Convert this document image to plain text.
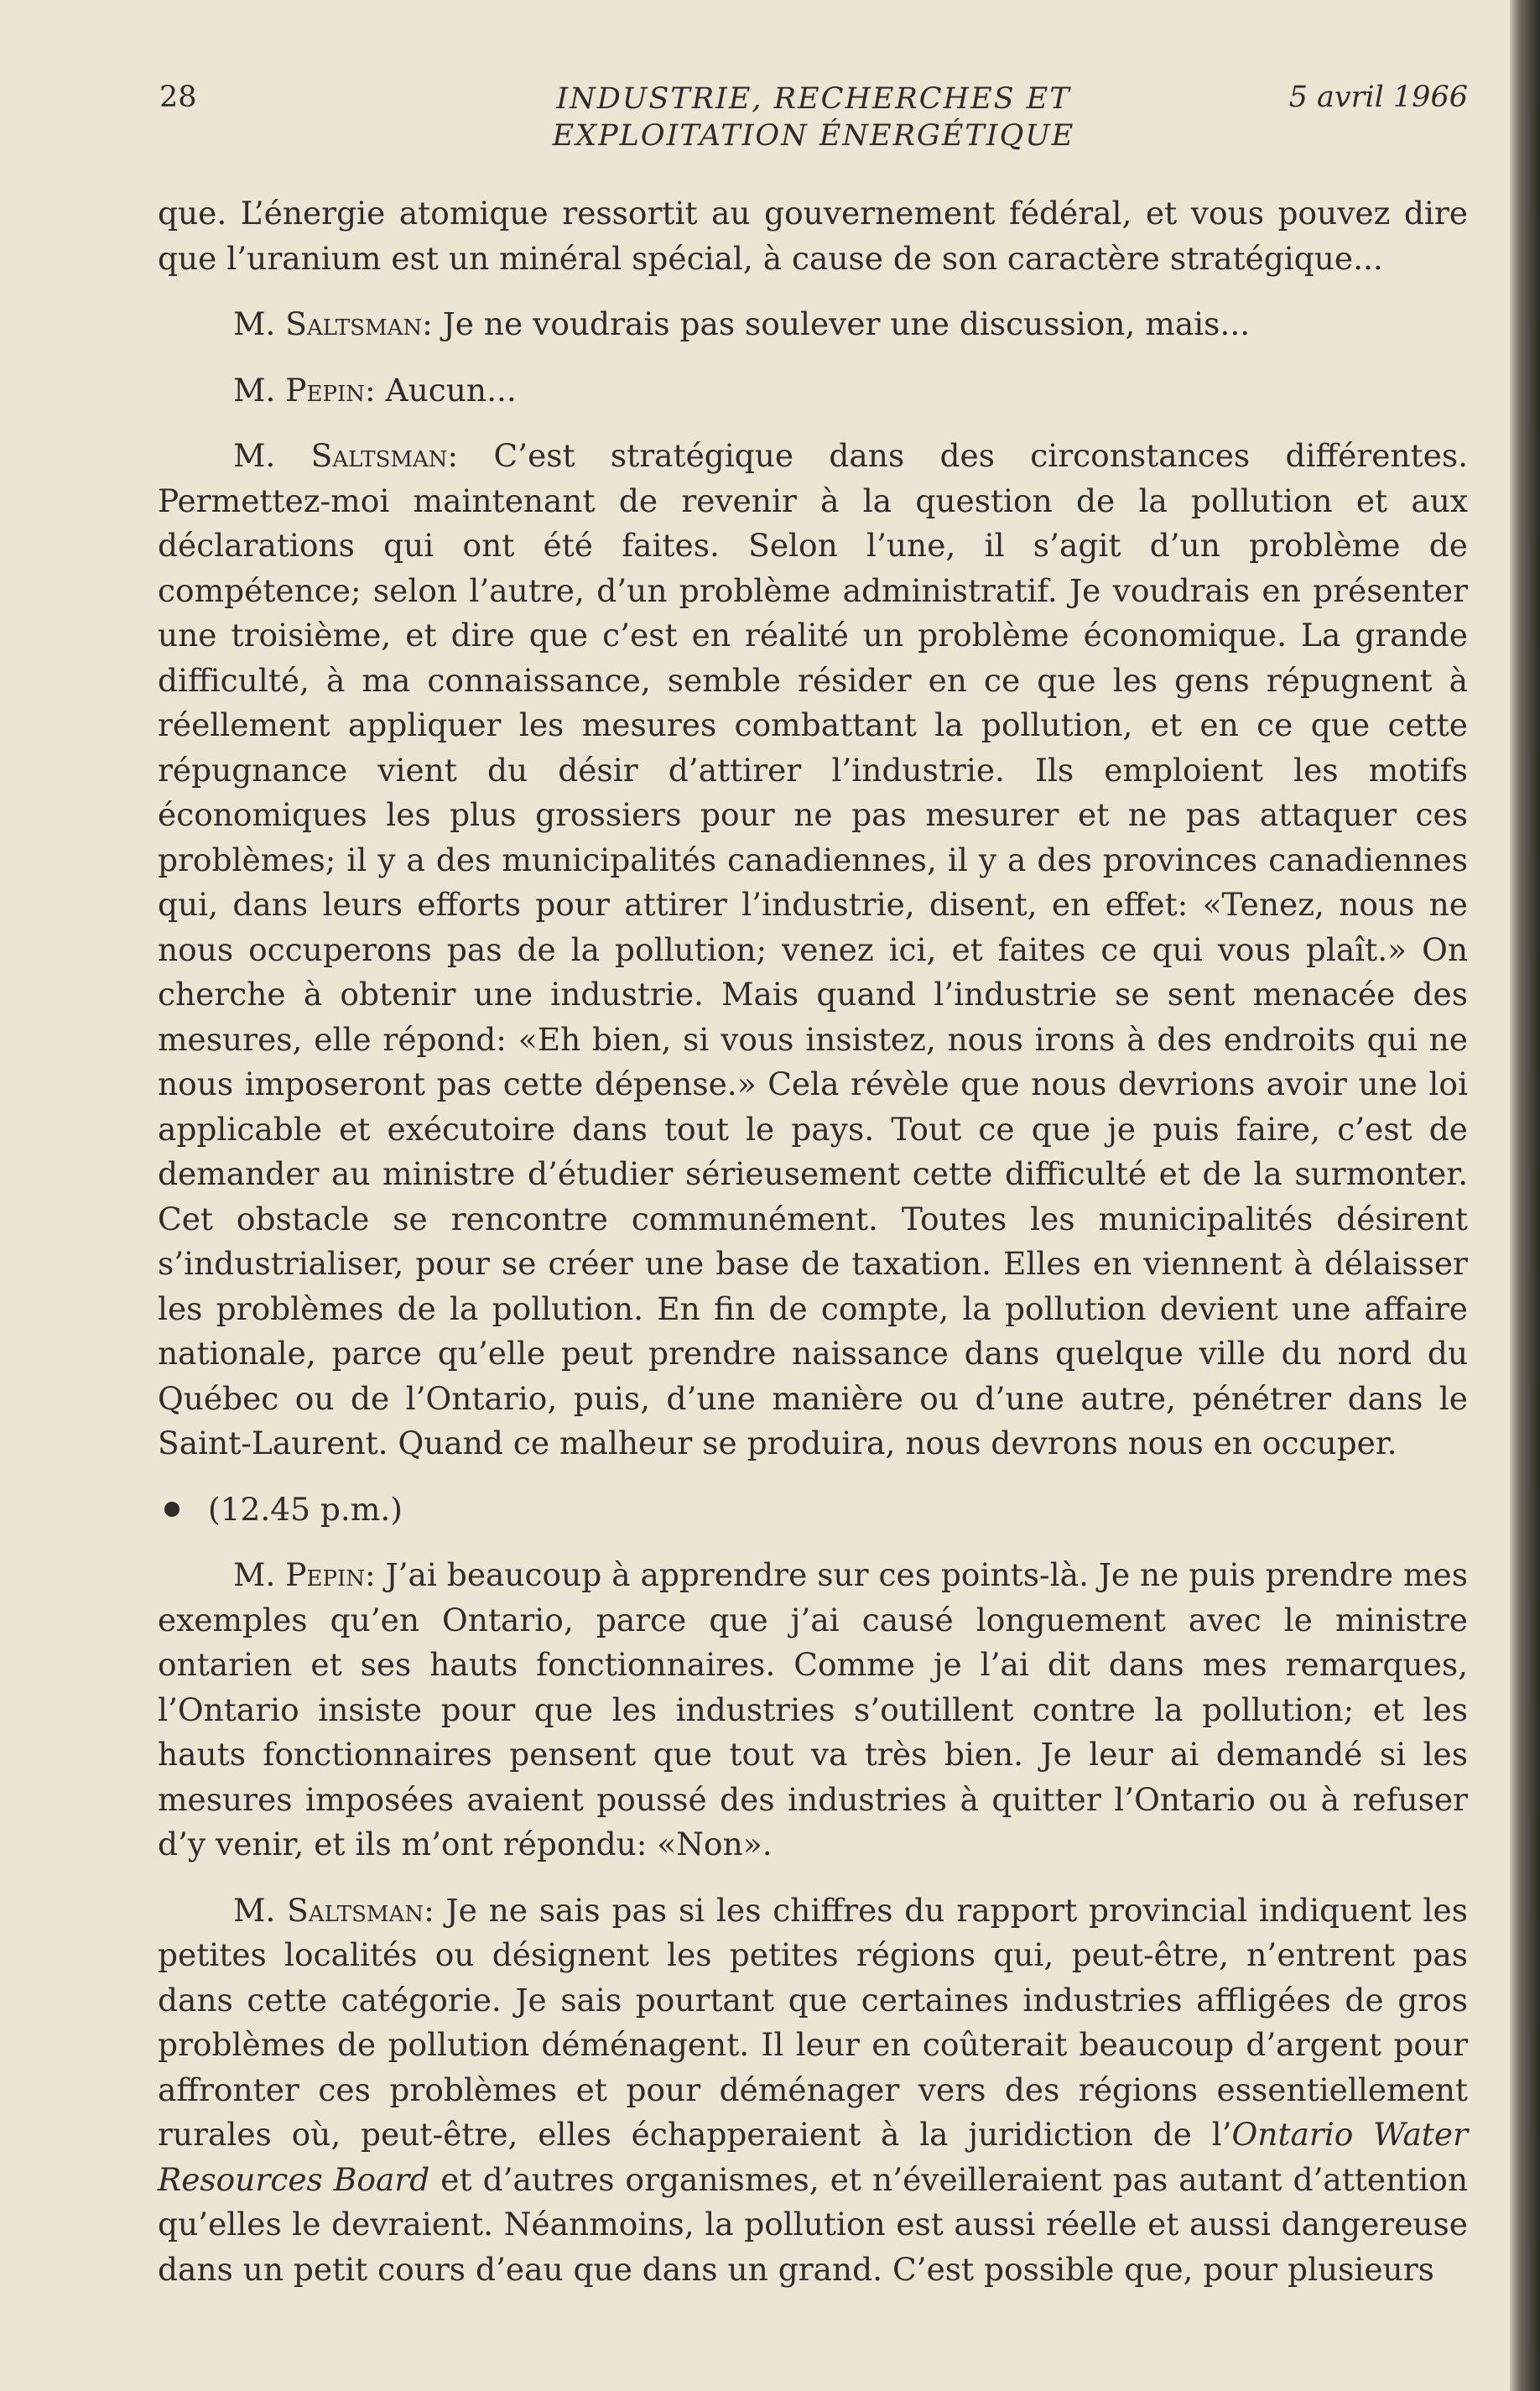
28	INDUSTRIE, RECHERCHES ET
EXPLOITATION ÉNERGÉTIQUE
5 avril 1966

que. L’énergie atomique ressortit au gouvernement fédéral, et vous pouvez dire que l’uranium est un minéral spécial, à cause de son caractère stratégique...

M. Saltsman: Je ne voudrais pas soulever une discussion, mais...

M. Pepin: Aucun...

M. Saltsman: C’est stratégique dans des circonstances différentes. Permettez-moi maintenant de revenir à la question de la pollution et aux déclarations qui ont été faites. Selon l’une, il s’agit d’un problème de compétence; selon l’autre, d’un problème administratif. Je voudrais en présenter une troisième, et dire que c’est en réalité un problème économique. La grande difficulté, à ma connaissance, semble résider en ce que les gens répugnent à réellement appliquer les mesures combattant la pollution, et en ce que cette répugnance vient du désir d’attirer l’industrie. Ils emploient les motifs économiques les plus grossiers pour ne pas mesurer et ne pas attaquer ces problèmes; il y a des municipalités canadiennes, il y a des provinces canadiennes qui, dans leurs efforts pour attirer l’industrie, disent, en effet: «Tenez, nous ne nous occuperons pas de la pollution; venez ici, et faites ce qui vous plaît.» On cherche à obtenir une industrie. Mais quand l’industrie se sent menacée des mesures, elle répond: «Eh bien, si vous insistez, nous irons à des endroits qui ne nous imposeront pas cette dépense.» Cela révèle que nous devrions avoir une loi applicable et exécutoire dans tout le pays. Tout ce que je puis faire, c’est de demander au ministre d’étudier sérieusement cette difficulté et de la surmonter. Cet obstacle se rencontre communément. Toutes les municipalités désirent s’industrialiser, pour se créer une base de taxation. Elles en viennent à délaisser les problèmes de la pollution. En fin de compte, la pollution devient une affaire nationale, parce qu’elle peut prendre naissance dans quelque ville du nord du Québec ou de l’Ontario, puis, d’une manière ou d’une autre, pénétrer dans le Saint-Laurent. Quand ce malheur se produira, nous devrons nous en occuper.

(12.45 p.m.)

M. Pepin: J’ai beaucoup à apprendre sur ces points-là. Je ne puis prendre mes exemples qu’en Ontario, parce que j’ai causé longuement avec le ministre ontarien et ses hauts fonctionnaires. Comme je l’ai dit dans mes remarques, l’Ontario insiste pour que les industries s’outillent contre la pollution; et les hauts fonctionnaires pensent que tout va très bien. Je leur ai demandé si les mesures imposées avaient poussé des industries à quitter l’Ontario ou à refuser d’y venir, et ils m’ont répondu: «Non».

M. Saltsman: Je ne sais pas si les chiffres du rapport provincial indiquent les petites localités ou désignent les petites régions qui, peut-être, n’entrent pas dans cette catégorie. Je sais pourtant que certaines industries affligées de gros problèmes de pollution déménagent. Il leur en coûterait beaucoup d’argent pour affronter ces problèmes et pour déménager vers des régions essentiellement rurales où, peut-être, elles échapperaient à la juridiction de l’Ontario Water Resources Board et d’autres organismes, et n’éveilleraient pas autant d’attention qu’elles le devraient. Néanmoins, la pollution est aussi réelle et aussi dangereuse dans un petit cours d’eau que dans un grand. C’est possible que, pour plusieurs
